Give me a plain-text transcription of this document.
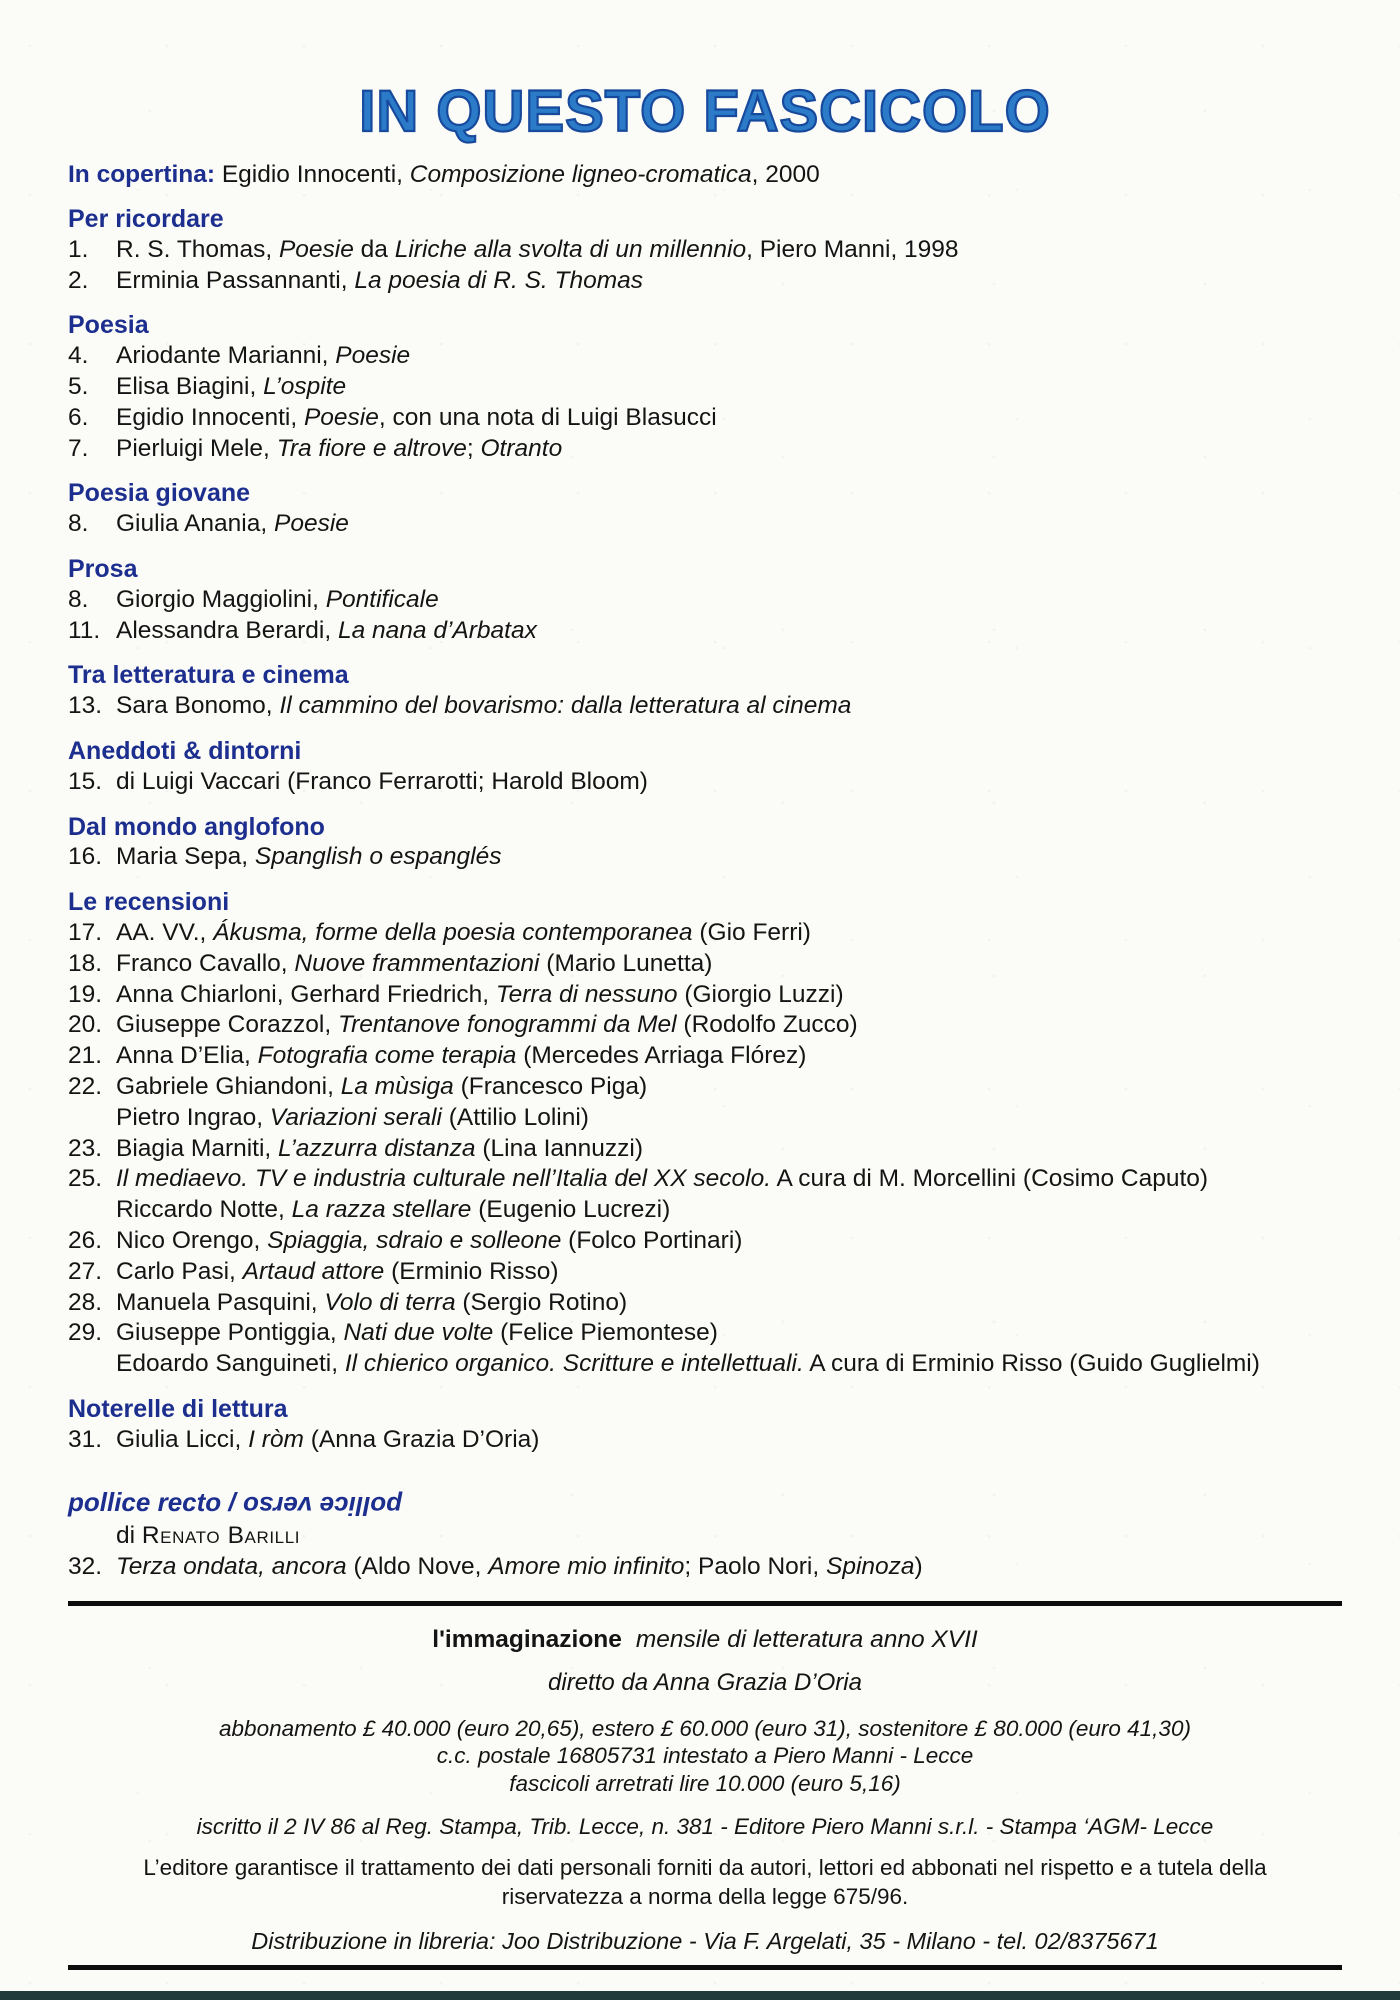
IN QUESTO FASCICOLO
In copertina: Egidio Innocenti, Composizione ligneo-cromatica, 2000
Per ricordare
1.	R. S. Thomas, Poesie da Liriche alla svolta di un millennio, Piero Manni, 1998
2.	Erminia Passannanti, La poesia di R. S. Thomas
Poesia
4.	Ariodante Marianni, Poesie
5.	Elisa Biagini, L’ospite
6.	Egidio Innocenti, Poesie, con una nota di Luigi Blasucci
7.	Pierluigi Mele, Tra fiore e altrove; Otranto
Poesia giovane
8.	Giulia Anania, Poesie
Prosa
8.	Giorgio Maggiolini, Pontificale
11. Alessandra Berardi, La nana d’Arbatax
Tra letteratura e cinema
13. Sara Bonomo, Il cammino del bovarismo: dalla letteratura al cinema
Aneddoti & dintorni
15. di Luigi Vaccari (Franco Ferrarotti; Harold Bloom)
Dal mondo anglofono
16. Maria Sepa, Spanglish o espanglés
Le recensioni
17. AA. VV., Ákusma, forme della poesia contemporanea (Gio Ferri)
18. Franco Cavallo, Nuove frammentazioni (Mario Lunetta)
19. Anna Chiarloni, Gerhard Friedrich, Terra di nessuno (Giorgio Luzzi)
20. Giuseppe Corazzol, Trentanove fonogrammi da Mel (Rodolfo Zucco)
21. Anna D’Elia, Fotografia come terapia (Mercedes Arriaga Flórez)
22. Gabriele Ghiandoni, La mùsiga (Francesco Piga)
Pietro Ingrao, Variazioni serali (Attilio Lolini)
23. Biagia Marniti, L’azzurra distanza (Lina Iannuzzi)
25. Il mediaevo. TV e industria culturale nell’Italia del XX secolo. A cura di M. Morcellini (Cosimo Caputo)
Riccardo Notte, La razza stellare (Eugenio Lucrezi)
26. Nico Orengo, Spiaggia, sdraio e solleone (Folco Portinari)
27. Carlo Pasi, Artaud attore (Erminio Risso)
28. Manuela Pasquini, Volo di terra (Sergio Rotino)
29. Giuseppe Pontiggia, Nati due volte (Felice Piemontese)
Edoardo Sanguineti, Il chierico organico. Scritture e intellettuali. A cura di Erminio Risso (Guido Guglielmi)
Noterelle di lettura
31. Giulia Licci, I ròm (Anna Grazia D’Oria)
pollice recto / pollice verso
di Renato Barilli
32. Terza ondata, ancora (Aldo Nove, Amore mio infinito; Paolo Nori, Spinoza)
l'immaginazione mensile di letteratura anno XVII
diretto da Anna Grazia D’Oria
abbonamento £ 40.000 (euro 20,65), estero £ 60.000 (euro 31), sostenitore £ 80.000 (euro 41,30)
c.c. postale 16805731 intestato a Piero Manni - Lecce
fascicoli arretrati lire 10.000 (euro 5,16)
iscritto il 2 IV 86 al Reg. Stampa, Trib. Lecce, n. 381 - Editore Piero Manni s.r.l. - Stampa ‘AGM- Lecce
L’editore garantisce il trattamento dei dati personali forniti da autori, lettori ed abbonati nel rispetto e a tutela della riservatezza a norma della legge 675/96.
Distribuzione in libreria: Joo Distribuzione - Via F. Argelati, 35 - Milano - tel. 02/8375671
